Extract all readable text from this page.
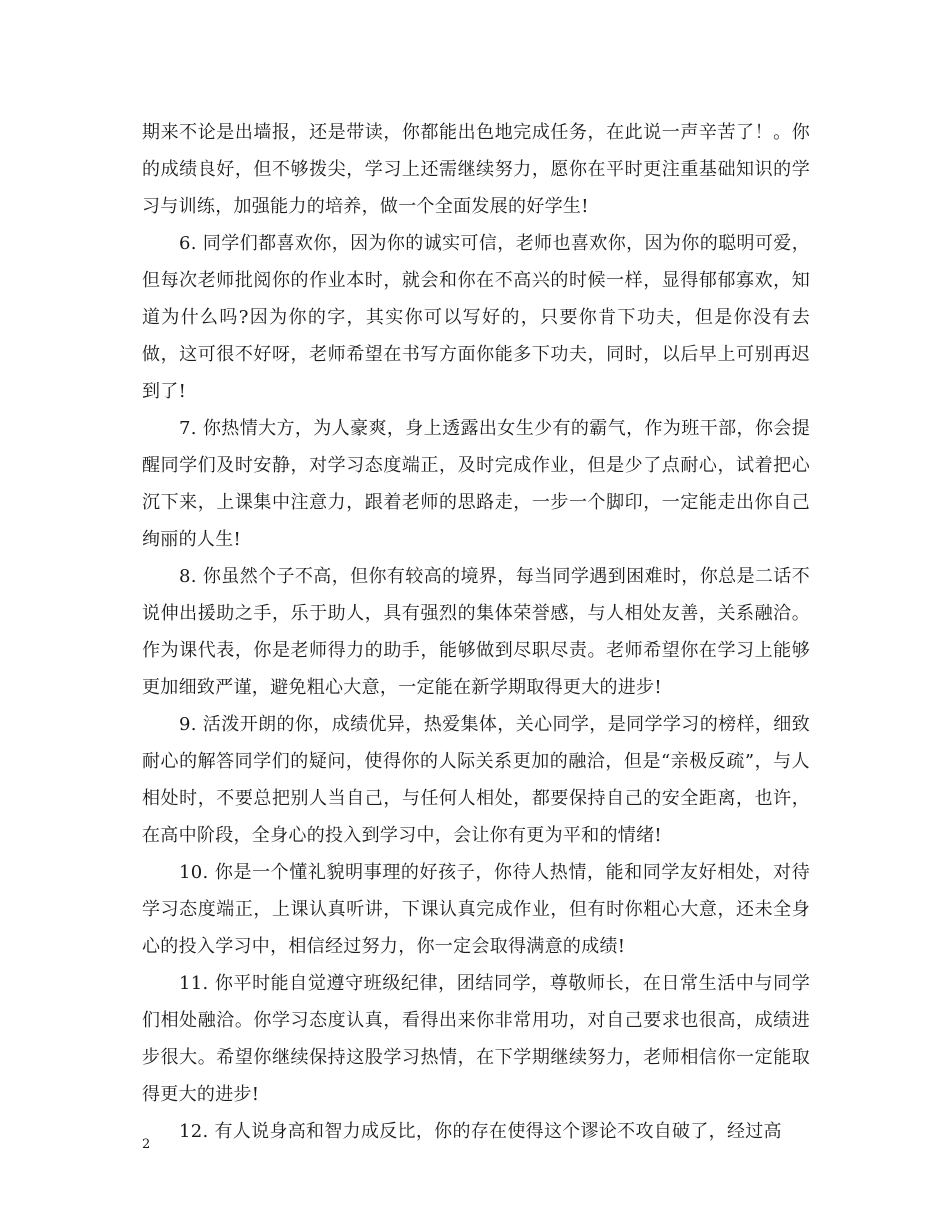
期来不论是出墙报，还是带读，你都能出色地完成任务，在此说一声辛苦了！。你的成绩良好，但不够拨尖，学习上还需继续努力，愿你在平时更注重基础知识的学习与训练，加强能力的培养，做一个全面发展的好学生!

6. 同学们都喜欢你，因为你的诚实可信，老师也喜欢你，因为你的聪明可爱，但每次老师批阅你的作业本时，就会和你在不高兴的时候一样，显得郁郁寡欢，知道为什么吗?因为你的字，其实你可以写好的，只要你肯下功夫，但是你没有去做，这可很不好呀，老师希望在书写方面你能多下功夫，同时，以后早上可别再迟到了!

7. 你热情大方，为人豪爽，身上透露出女生少有的霸气，作为班干部，你会提醒同学们及时安静，对学习态度端正，及时完成作业，但是少了点耐心，试着把心沉下来，上课集中注意力，跟着老师的思路走，一步一个脚印，一定能走出你自己绚丽的人生!

8. 你虽然个子不高，但你有较高的境界，每当同学遇到困难时，你总是二话不说伸出援助之手，乐于助人，具有强烈的集体荣誉感，与人相处友善，关系融洽。作为课代表，你是老师得力的助手，能够做到尽职尽责。老师希望你在学习上能够更加细致严谨，避免粗心大意，一定能在新学期取得更大的进步!

9. 活泼开朗的你，成绩优异，热爱集体，关心同学，是同学学习的榜样，细致耐心的解答同学们的疑问，使得你的人际关系更加的融洽，但是“亲极反疏”，与人相处时，不要总把别人当自己，与任何人相处，都要保持自己的安全距离，也许，在高中阶段，全身心的投入到学习中，会让你有更为平和的情绪!

10. 你是一个懂礼貌明事理的好孩子，你待人热情，能和同学友好相处，对待学习态度端正，上课认真听讲，下课认真完成作业，但有时你粗心大意，还未全身心的投入学习中，相信经过努力，你一定会取得满意的成绩!

11. 你平时能自觉遵守班级纪律，团结同学，尊敬师长，在日常生活中与同学们相处融洽。你学习态度认真，看得出来你非常用功，对自己要求也很高，成绩进步很大。希望你继续保持这股学习热情，在下学期继续努力，老师相信你一定能取得更大的进步!

12. 有人说身高和智力成反比，你的存在使得这个谬论不攻自破了，经过高

2
